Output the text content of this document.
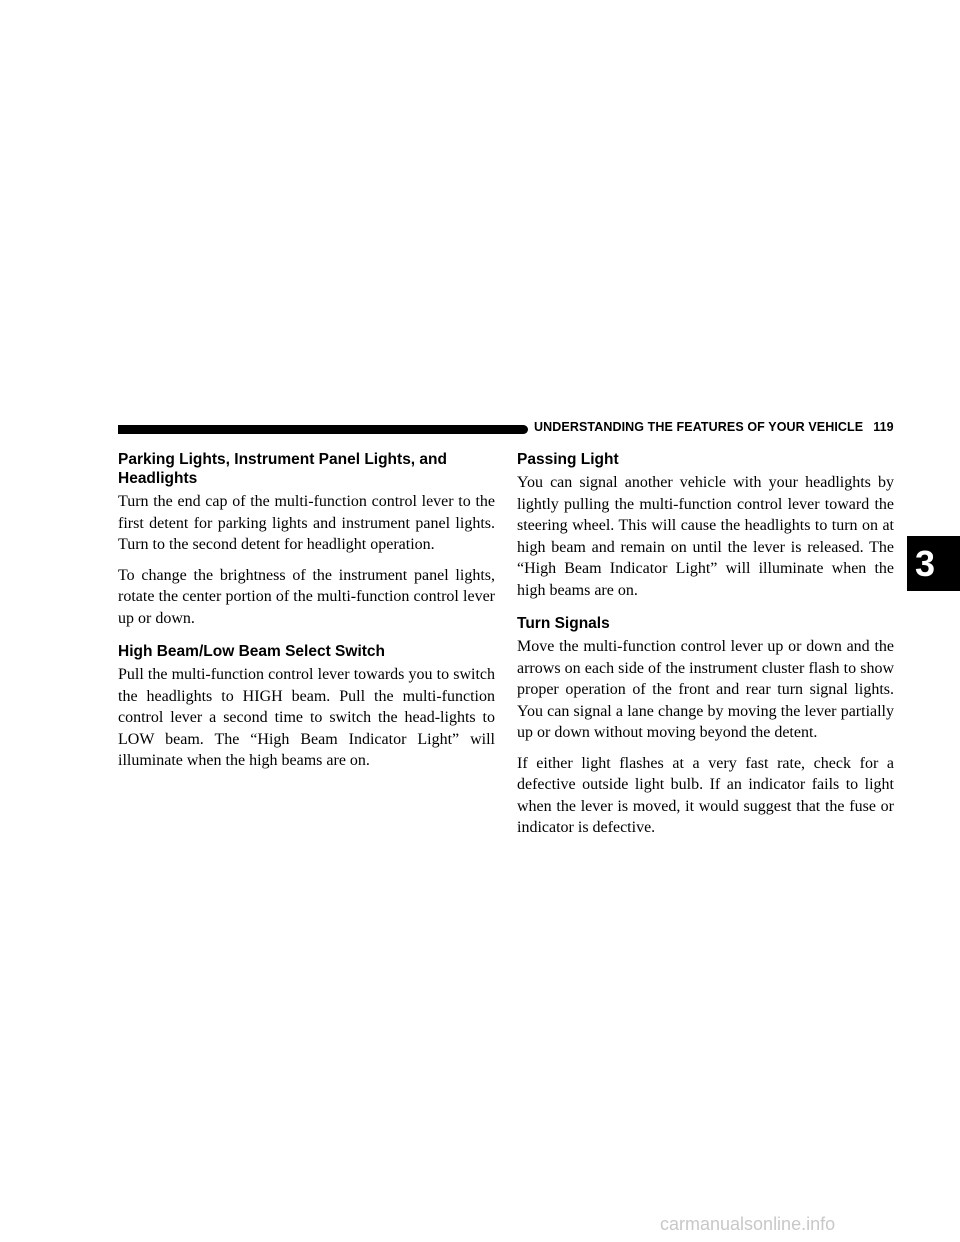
UNDERSTANDING THE FEATURES OF YOUR VEHICLE 119
Parking Lights, Instrument Panel Lights, and Headlights

Turn the end cap of the multi-function control lever to the first detent for parking lights and instrument panel lights. Turn to the second detent for headlight operation.

To change the brightness of the instrument panel lights, rotate the center portion of the multi-function control lever up or down.

High Beam/Low Beam Select Switch

Pull the multi-function control lever towards you to switch the headlights to HIGH beam. Pull the multi-function control lever a second time to switch the head-lights to LOW beam. The “High Beam Indicator Light” will illuminate when the high beams are on.

Passing Light

You can signal another vehicle with your headlights by lightly pulling the multi-function control lever toward the steering wheel. This will cause the headlights to turn on at high beam and remain on until the lever is released. The “High Beam Indicator Light” will illuminate when the high beams are on.

Turn Signals

Move the multi-function control lever up or down and the arrows on each side of the instrument cluster flash to show proper operation of the front and rear turn signal lights. You can signal a lane change by moving the lever partially up or down without moving beyond the detent.

If either light flashes at a very fast rate, check for a defective outside light bulb. If an indicator fails to light when the lever is moved, it would suggest that the fuse or indicator is defective.

3
carmanualsonline.info
